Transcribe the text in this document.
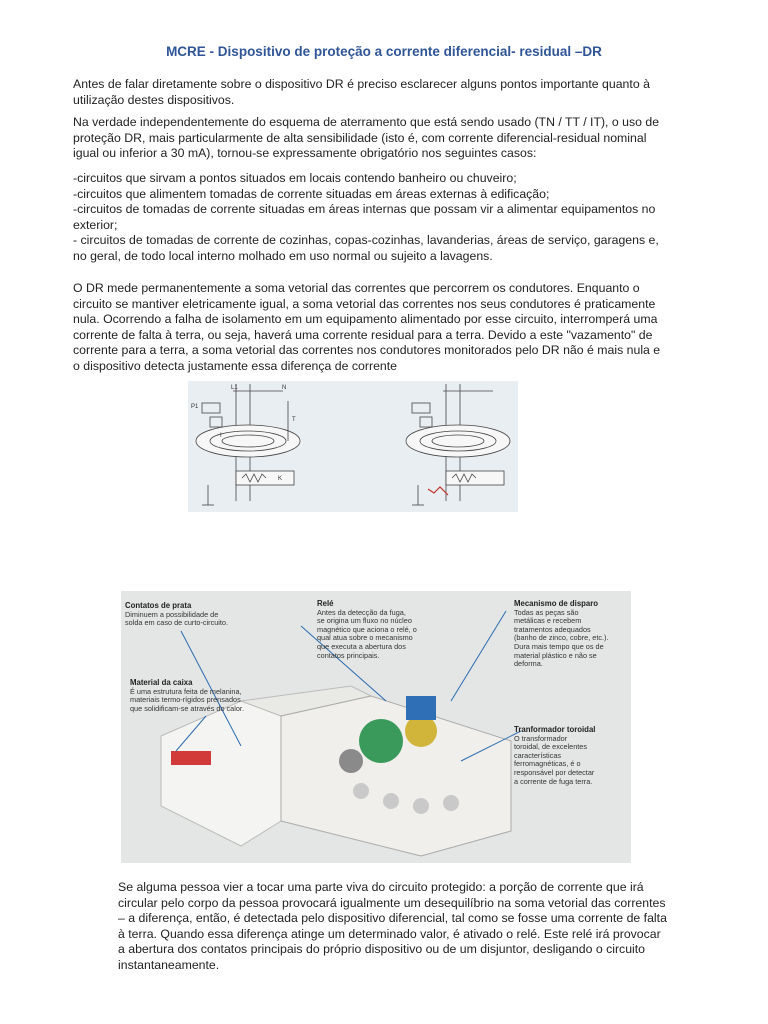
MCRE - Dispositivo de proteção a corrente diferencial- residual –DR
Antes de falar diretamente sobre o dispositivo DR é preciso esclarecer alguns pontos importante quanto à
utilização destes dispositivos.
Na verdade independentemente do esquema de aterramento que está sendo usado (TN / TT / IT), o uso de
proteção DR, mais particularmente de alta sensibilidade (isto é, com corrente diferencial-residual nominal
igual ou inferior a 30 mA), tornou-se expressamente obrigatório nos seguintes casos:
-circuitos que sirvam a pontos situados em locais contendo banheiro ou chuveiro;
-circuitos que alimentem tomadas de corrente situadas em áreas externas à edificação;
-circuitos de tomadas de corrente situadas em áreas internas que possam vir a alimentar equipamentos no
exterior;
- circuitos de tomadas de corrente de cozinhas, copas-cozinhas, lavanderias, áreas de serviço, garagens e,
no geral, de todo local interno molhado em uso normal ou sujeito a lavagens.
O DR mede permanentemente a soma vetorial das correntes que percorrem os condutores. Enquanto o
circuito se mantiver eletricamente igual, a soma vetorial das correntes nos seus condutores é praticamente
nula. Ocorrendo a falha de isolamento em um equipamento alimentado por esse circuito, interromperá uma
corrente de falta à terra, ou seja, haverá uma corrente residual para a terra. Devido a este "vazamento" de
corrente para a terra, a soma vetorial das correntes nos condutores monitorados pelo DR não é mais nula e
o dispositivo detecta justamente essa diferença de corrente
L1	N
P1
T
I
K
Contatos de prata
Diminuem a possibilidade de
solda em caso de curto-circuito.
Relé
Antes da detecção da fuga,
se origina um fluxo no núcleo
magnético que aciona o relé, o
qual atua sobre o mecanismo
que executa a abertura dos
contatos principais.
Mecanismo de disparo
Todas as peças são
metálicas e recebem
tratamentos adequados
(banho de zinco, cobre, etc.).
Dura mais tempo que os de
material plástico e não se
deforma.
Material da caixa
É uma estrutura feita de melanina,
materiais termo-rígidos prensados
que solidificam-se através do calor.
Tranformador toroidal
O transformador
toroidal, de excelentes
características
ferromagnéticas, é o
responsável por detectar
a corrente de fuga terra.
Se alguma pessoa vier a tocar uma parte viva do circuito protegido: a porção de corrente que irá
circular pelo corpo da pessoa provocará igualmente um desequilíbrio na soma vetorial das correntes
– a diferença, então, é detectada pelo dispositivo diferencial, tal como se fosse uma corrente de falta
à terra. Quando essa diferença atinge um determinado valor, é ativado o relé. Este relé irá provocar
a abertura dos contatos principais do próprio dispositivo ou de um disjuntor, desligando o circuito
instantaneamente.
